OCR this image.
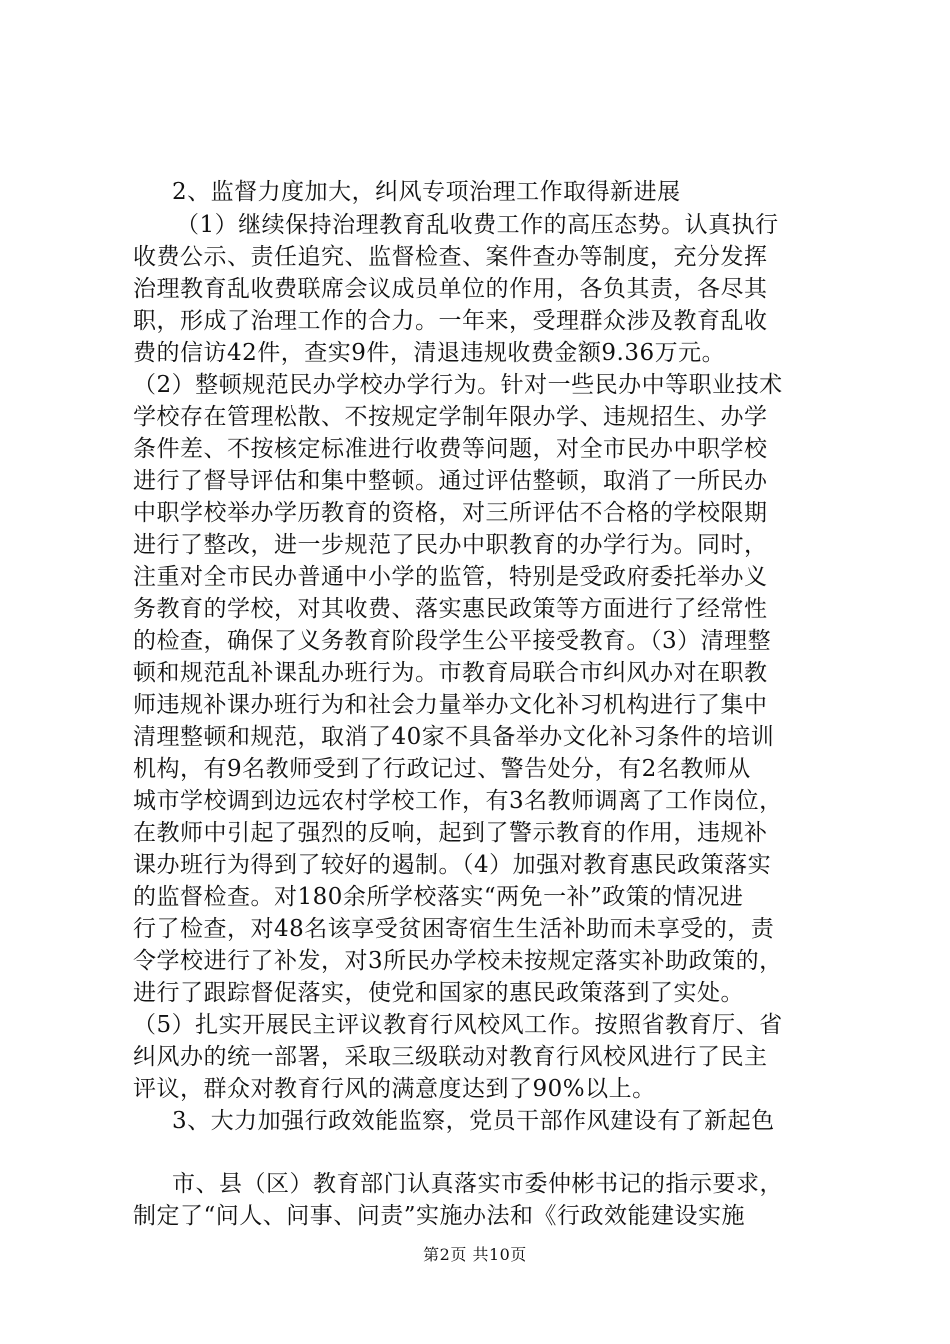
2、监督力度加大，纠风专项治理工作取得新进展
（1）继续保持治理教育乱收费工作的高压态势。认真执行
收费公示、责任追究、监督检查、案件查办等制度，充分发挥
治理教育乱收费联席会议成员单位的作用，各负其责，各尽其
职，形成了治理工作的合力。一年来，受理群众涉及教育乱收
费的信访42件，查实9件，清退违规收费金额9.36万元。
（2）整顿规范民办学校办学行为。针对一些民办中等职业技术
学校存在管理松散、不按规定学制年限办学、违规招生、办学
条件差、不按核定标准进行收费等问题，对全市民办中职学校
进行了督导评估和集中整顿。通过评估整顿，取消了一所民办
中职学校举办学历教育的资格，对三所评估不合格的学校限期
进行了整改，进一步规范了民办中职教育的办学行为。同时，
注重对全市民办普通中小学的监管，特别是受政府委托举办义
务教育的学校，对其收费、落实惠民政策等方面进行了经常性
的检查，确保了义务教育阶段学生公平接受教育。（3）清理整
顿和规范乱补课乱办班行为。市教育局联合市纠风办对在职教
师违规补课办班行为和社会力量举办文化补习机构进行了集中
清理整顿和规范，取消了40家不具备举办文化补习条件的培训
机构，有9名教师受到了行政记过、警告处分，有2名教师从
城市学校调到边远农村学校工作，有3名教师调离了工作岗位，
在教师中引起了强烈的反响，起到了警示教育的作用，违规补
课办班行为得到了较好的遏制。（4）加强对教育惠民政策落实
的监督检查。对180余所学校落实“两免一补”政策的情况进
行了检查，对48名该享受贫困寄宿生生活补助而未享受的，责
令学校进行了补发，对3所民办学校未按规定落实补助政策的，
进行了跟踪督促落实，使党和国家的惠民政策落到了实处。
（5）扎实开展民主评议教育行风校风工作。按照省教育厅、省
纠风办的统一部署，采取三级联动对教育行风校风进行了民主
评议，群众对教育行风的满意度达到了90%以上。
3、大力加强行政效能监察，党员干部作风建设有了新起色
市、县（区）教育部门认真落实市委仲彬书记的指示要求，
制定了“问人、问事、问责”实施办法和《行政效能建设实施
第2页 共10页
